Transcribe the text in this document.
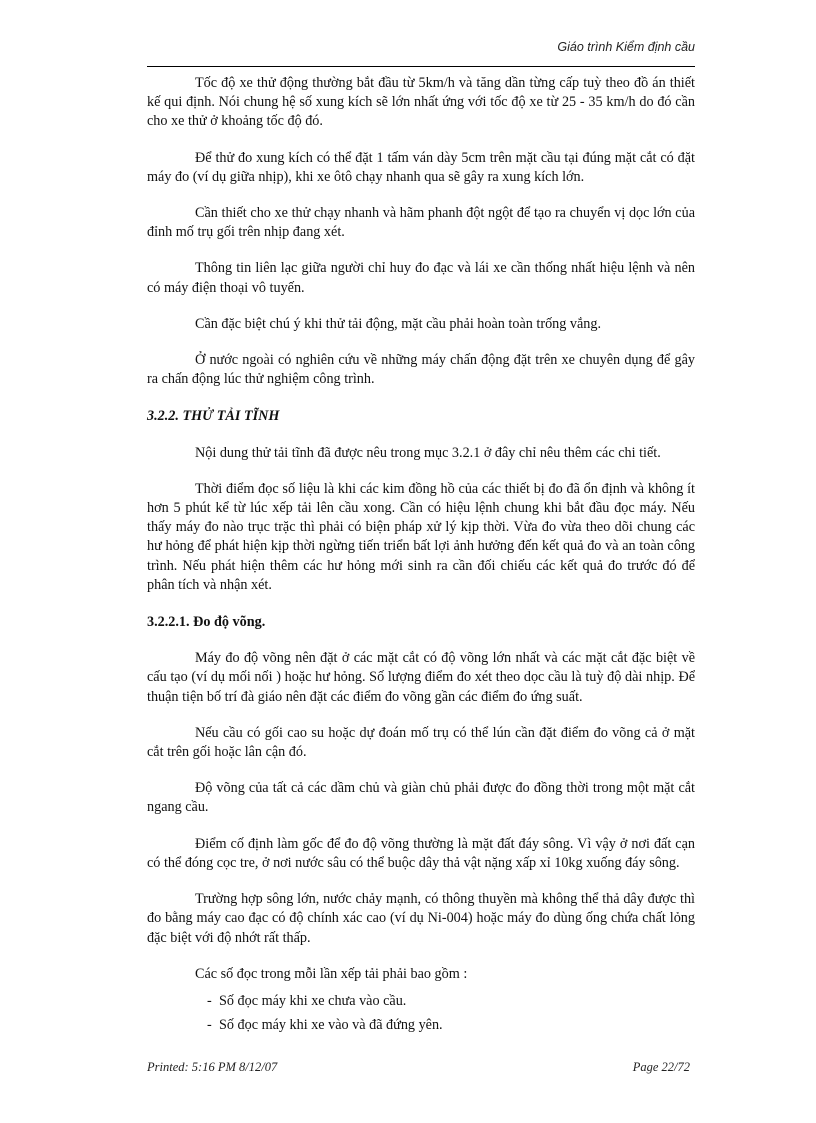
Giáo trình Kiểm định cầu

Tốc độ xe thử động thường bắt đầu từ 5km/h và tăng dần từng cấp tuỳ theo đồ án thiết kế qui định. Nói chung hệ số xung kích sẽ lớn nhất ứng với tốc độ xe từ 25 - 35 km/h do đó cần cho xe thử ở khoảng tốc độ đó.

Để thử đo xung kích có thể đặt 1 tấm ván dày 5cm trên mặt cầu tại đúng mặt cắt có đặt máy đo (ví dụ giữa nhịp), khi xe ôtô chạy nhanh qua sẽ gây ra xung kích lớn.

Cần thiết cho xe thử chạy nhanh và hãm phanh đột ngột để tạo ra chuyển vị dọc lớn của đỉnh mố trụ gối trên nhịp đang xét.

Thông tin liên lạc giữa người chỉ huy đo đạc và lái xe cần thống nhất hiệu lệnh và nên có máy điện thoại vô tuyến.

Cần đặc biệt chú ý khi thử tải động, mặt cầu phải hoàn toàn trống vắng.

Ở nước ngoài có nghiên cứu về những máy chấn động đặt trên xe chuyên dụng để gây ra chấn động lúc thử nghiệm công trình.

3.2.2. THỬ TẢI TĨNH

Nội dung thử tải tĩnh đã được nêu trong mục 3.2.1 ở đây chỉ nêu thêm các chi tiết.

Thời điểm đọc số liệu là khi các kim đồng hồ của các thiết bị đo đã ổn định và không ít hơn 5 phút kể từ lúc xếp tải lên cầu xong. Cần có hiệu lệnh chung khi bắt đầu đọc máy. Nếu thấy máy đo nào trục trặc thì phải có biện pháp xử lý kịp thời. Vừa đo vừa theo dõi chung các hư hỏng để phát hiện kịp thời ngừng tiến triển bất lợi ảnh hưởng đến kết quả đo và an toàn công trình. Nếu phát hiện thêm các hư hỏng mới sinh ra cần đối chiếu các kết quả đo trước đó để phân tích và nhận xét.

3.2.2.1. Đo độ võng.

Máy đo độ võng nên đặt ở các mặt cắt có độ võng lớn nhất và các mặt cắt đặc biệt về cấu tạo (ví dụ mối nối ) hoặc hư hỏng. Số lượng điểm đo xét theo dọc cầu là tuỳ độ dài nhịp. Để thuận tiện bố trí đà giáo nên đặt các điểm đo võng gần các điểm đo ứng suất.

Nếu cầu có gối cao su hoặc dự đoán mố trụ có thể lún cần đặt điểm đo võng cả ở mặt cắt trên gối hoặc lân cận đó.

Độ võng của tất cả các dầm chủ và giàn chủ phải được đo đồng thời trong một mặt cắt ngang cầu.

Điểm cố định làm gốc để đo độ võng thường là mặt đất đáy sông. Vì vậy ở nơi đất cạn có thể đóng cọc tre, ở nơi nước sâu có thể buộc dây thả vật nặng xấp xỉ 10kg xuống đáy sông.

Trường hợp sông lớn, nước chảy mạnh, có thông thuyền mà không thể thả dây được thì đo bằng máy cao đạc có độ chính xác cao (ví dụ Ni-004) hoặc máy đo dùng ống chứa chất lỏng đặc biệt với độ nhớt rất thấp.

Các số đọc trong mỗi lần xếp tải phải bao gồm :

- Số đọc máy khi xe chưa vào cầu.
- Số đọc máy khi xe vào và đã đứng yên.
Printed: 5:16 PM 8/12/07	Page 22/72
